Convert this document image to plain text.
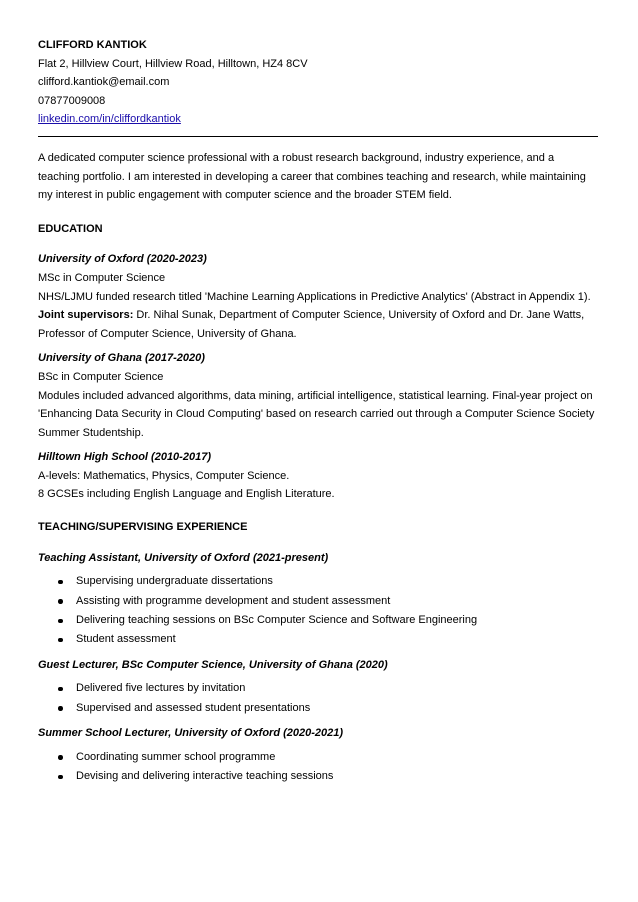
CLIFFORD KANTIOK
Flat 2, Hillview Court, Hillview Road, Hilltown, HZ4 8CV
clifford.kantiok@email.com
07877009008
linkedin.com/in/cliffordkantiok
A dedicated computer science professional with a robust research background, industry experience, and a teaching portfolio. I am interested in developing a career that combines teaching and research, while maintaining my interest in public engagement with computer science and the broader STEM field.
EDUCATION
University of Oxford (2020-2023)
MSc in Computer Science
NHS/LJMU funded research titled 'Machine Learning Applications in Predictive Analytics' (Abstract in Appendix 1).
Joint supervisors: Dr. Nihal Sunak, Department of Computer Science, University of Oxford and Dr. Jane Watts, Professor of Computer Science, University of Ghana.
University of Ghana (2017-2020)
BSc in Computer Science
Modules included advanced algorithms, data mining, artificial intelligence, statistical learning. Final-year project on 'Enhancing Data Security in Cloud Computing' based on research carried out through a Computer Science Society Summer Studentship.
Hilltown High School (2010-2017)
A-levels: Mathematics, Physics, Computer Science.
8 GCSEs including English Language and English Literature.
TEACHING/SUPERVISING EXPERIENCE
Teaching Assistant, University of Oxford (2021-present)
Supervising undergraduate dissertations
Assisting with programme development and student assessment
Delivering teaching sessions on BSc Computer Science and Software Engineering
Student assessment
Guest Lecturer, BSc Computer Science, University of Ghana (2020)
Delivered five lectures by invitation
Supervised and assessed student presentations
Summer School Lecturer, University of Oxford (2020-2021)
Coordinating summer school programme
Devising and delivering interactive teaching sessions
